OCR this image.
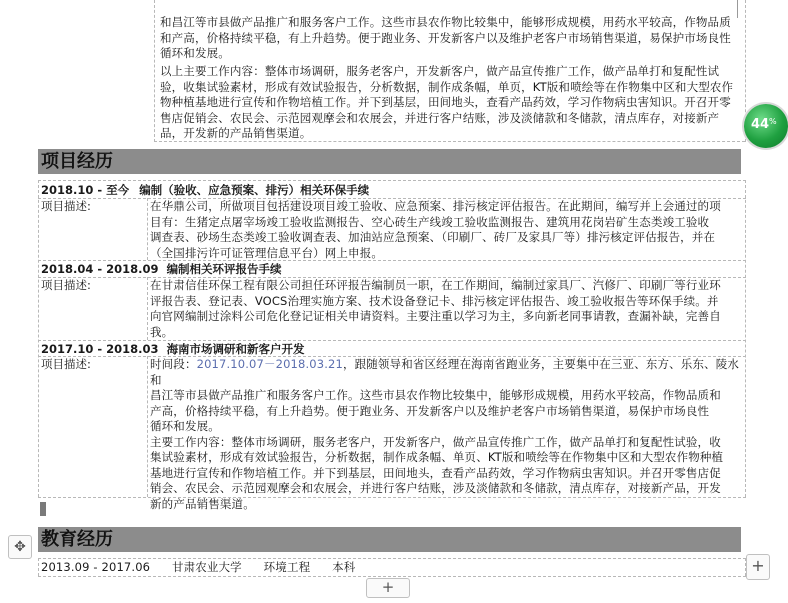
和昌江等市县做产品推广和服务客户工作。这些市县农作物比较集中，能够形成规模，用药水平较高，作物品质和产高，价格持续平稳，有上升趋势。便于跑业务、开发新客户以及维护老客户市场销售渠道，易保护市场良性循环和发展。
以上主要工作内容：整体市场调研，服务老客户，开发新客户，做产品宣传推广工作，做产品单打和复配性试验，收集试验素材，形成有效试验报告，分析数据，制作成条幅，单页，KT版和喷绘等在作物集中区和大型农作物种植基地进行宣传和作物培植工作。并下到基层，田间地头，查看产品药效，学习作物病虫害知识。开召开零售店促销会、农民会、示范园观摩会和农展会，并进行客户结账，涉及淡储款和冬储款，清点库存，对接新产品，开发新的产品销售渠道。
44 %
项目经历
2018.10 - 至今 编制（验收、应急预案、排污）相关环保手续
项目描述:	在华鼎公司，所做项目包括建设项目竣工验收、应急预案、排污核定评估报告。在此期间，编写并上会通过的项
目有：生猪定点屠宰场竣工验收监测报告、空心砖生产线竣工验收监测报告、建筑用花岗岩矿生态类竣工验收
调查表、砂场生态类竣工验收调查表、加油站应急预案、（印刷厂、砖厂及家具厂等）排污核定评估报告，并在
（全国排污许可证管理信息平台）网上申报。
2018.04 - 2018.09 编制相关环评报告手续
项目描述:	在甘肃信佳环保工程有限公司担任环评报告编制员一职，在工作期间，编制过家具厂、汽修厂、印刷厂等行业环
评报告表、登记表、VOCS治理实施方案、技术设备登记卡、排污核定评估报告、竣工验收报告等环保手续。并
向官网编制过涂料公司危化登记证相关申请资料。主要注重以学习为主，多向新老同事请教，查漏补缺，完善自
我。
2017.10 - 2018.03 海南市场调研和新客户开发
项目描述:	时间段：2017.10.07－2018.03.21，跟随领导和省区经理在海南省跑业务，主要集中在三亚、东方、乐东、陵水和
昌江等市县做产品推广和服务客户工作。这些市县农作物比较集中，能够形成规模，用药水平较高，作物品质和
产高，价格持续平稳，有上升趋势。便于跑业务、开发新客户以及维护老客户市场销售渠道，易保护市场良性
循环和发展。
主要工作内容：整体市场调研，服务老客户，开发新客户，做产品宣传推广工作，做产品单打和复配性试验，收
集试验素材，形成有效试验报告，分析数据，制作成条幅、单页、KT版和喷绘等在作物集中区和大型农作物种植
基地进行宣传和作物培植工作。并下到基层，田间地头，查看产品药效，学习作物病虫害知识。并召开零售店促
销会、农民会、示范园观摩会和农展会，并进行客户结账，涉及淡储款和冬储款，清点库存，对接新产品，开发
新的产品销售渠道。
教育经历
✥
2013.09 - 2017.06 甘肃农业大学 环境工程 本科	+
+
